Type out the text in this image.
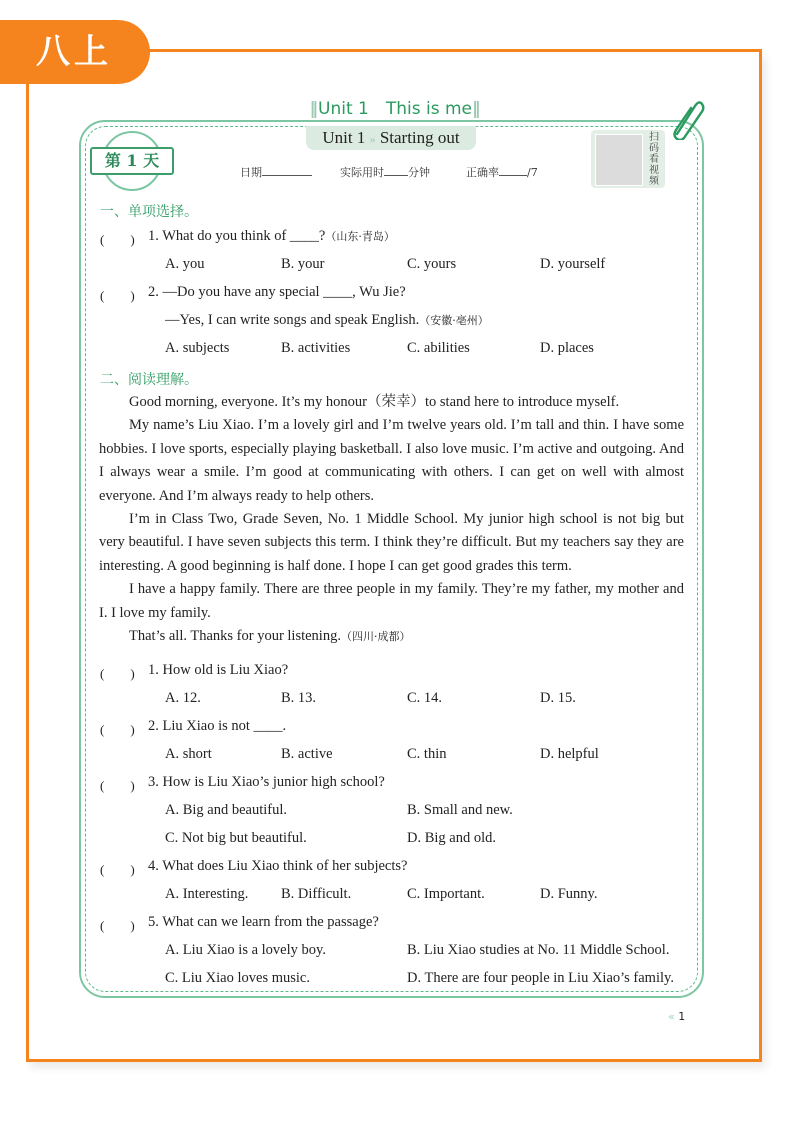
八上
‖Unit 1　This is me‖
第 1 天
Unit 1 » Starting out
日期	实际用时 分钟	正确率	/7
扫码看视频
一、单项选择。
(　　) 1. What do you think of ____?（山东·青岛）
A. you	B. your	C. yours	D. yourself
(　　) 2. —Do you have any special ____, Wu Jie?
—Yes, I can write songs and speak English.（安徽·亳州）
A. subjects	B. activities	C. abilities	D. places
二、阅读理解。

Good morning, everyone. It’s my honour（荣幸）to stand here to introduce myself.

My name’s Liu Xiao. I’m a lovely girl and I’m twelve years old. I’m tall and thin. I have some hobbies. I love sports, especially playing basketball. I also love music. I’m active and outgoing. And I always wear a smile. I’m good at communicating with others. I can get on well with almost everyone. And I’m always ready to help others.

I’m in Class Two, Grade Seven, No. 1 Middle School. My junior high school is not big but very beautiful. I have seven subjects this term. I think they’re difficult. But my teachers say they are interesting. A good beginning is half done. I hope I can get good grades this term.

I have a happy family. There are three people in my family. They’re my father, my mother and I. I love my family.

That’s all. Thanks for your listening.（四川·成都）

(　　) 1. How old is Liu Xiao?
A. 12.	B. 13.	C. 14.	D. 15.
(　　) 2. Liu Xiao is not ____.
A. short	B. active	C. thin	D. helpful
(　　) 3. How is Liu Xiao’s junior high school?
A. Big and beautiful.	B. Small and new.
C. Not big but beautiful.	D. Big and old.
(　　) 4. What does Liu Xiao think of her subjects?
A. Interesting. B. Difficult.	C. Important.	D. Funny.
(　　) 5. What can we learn from the passage?
A. Liu Xiao is a lovely boy.	B. Liu Xiao studies at No. 11 Middle School.
C. Liu Xiao loves music.	D. There are four people in Liu Xiao’s family.
« 1
